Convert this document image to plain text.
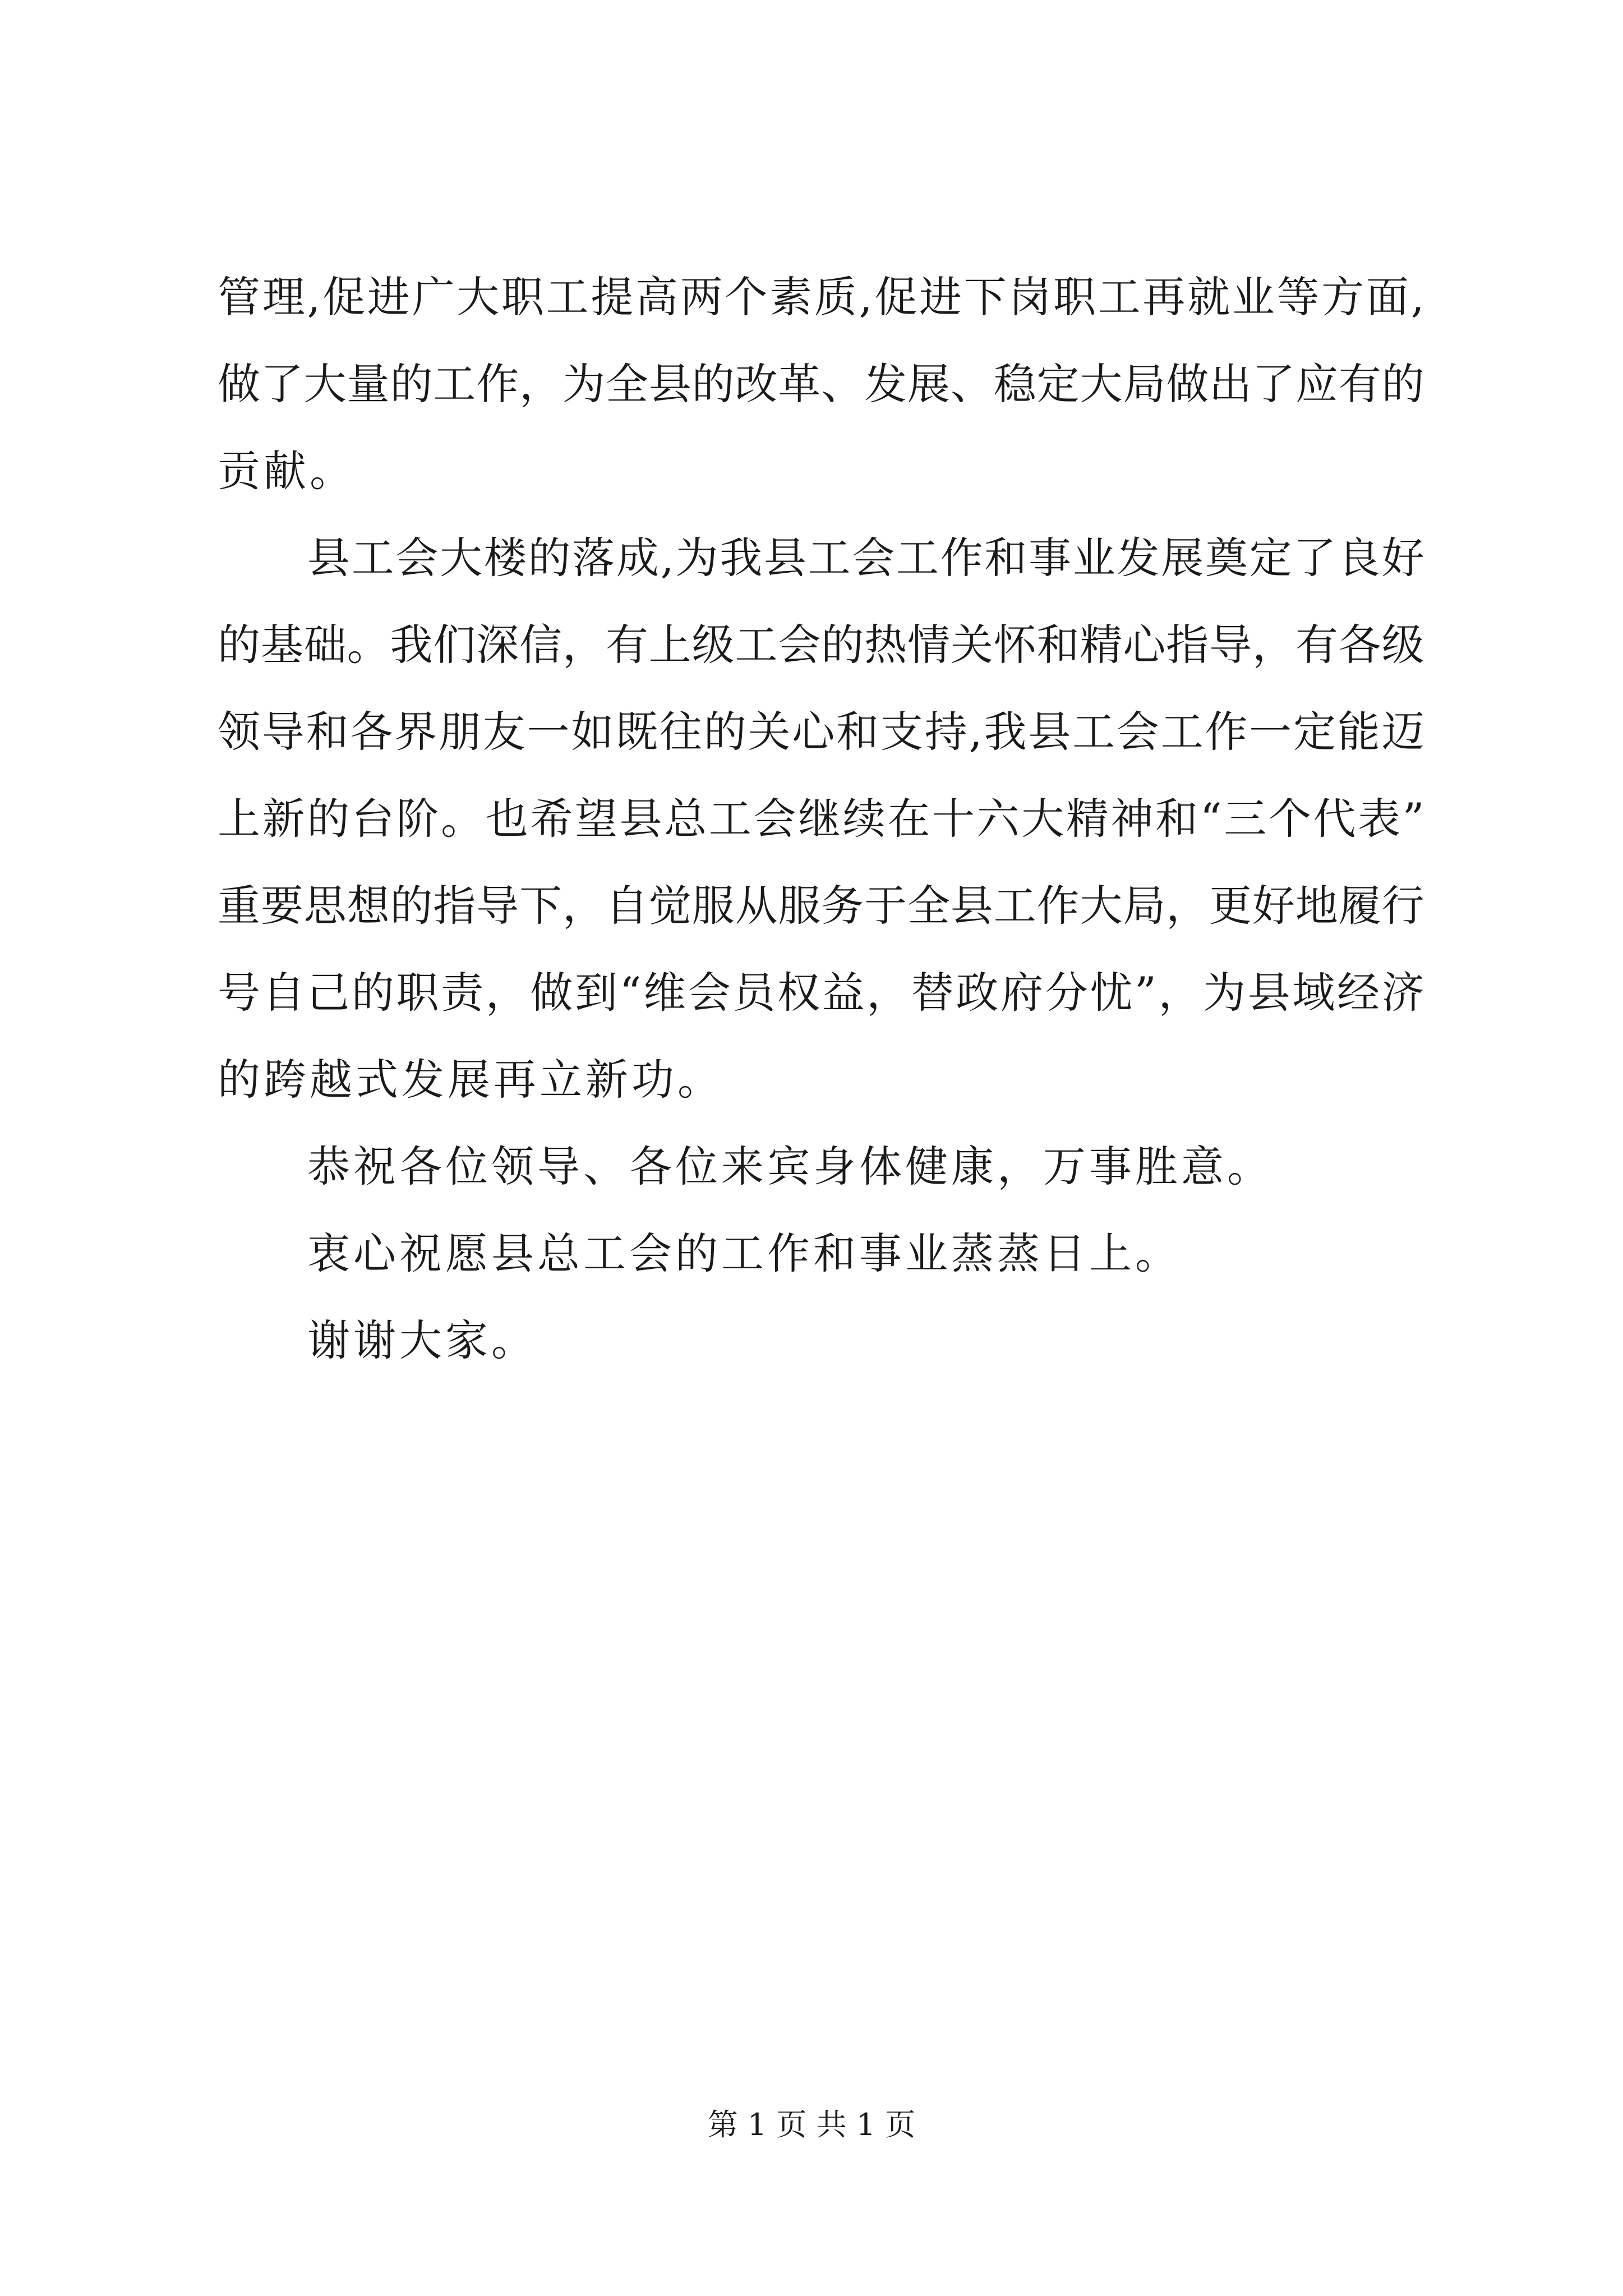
管 理 , 促 进 广 大 职 工 提 高 两 个 素 质 , 促 进 下 岗 职 工 再 就 业 等 方 面 ,
做 了 大 量 的 工 作 ， 为 全 县 的 改 革 、 发 展 、 稳 定 大 局 做 出 了 应 有 的
贡献。
县 工 会 大 楼 的 落 成 , 为 我 县 工 会 工 作 和 事 业 发 展 奠 定 了 良 好
的 基 础 。 我 们 深 信 ， 有 上 级 工 会 的 热 情 关 怀 和 精 心 指 导 ， 有 各 级
领 导 和 各 界 朋 友 一 如 既 往 的 关 心 和 支 持 , 我 县 工 会 工 作 一 定 能 迈
上 新 的 台 阶 。 也 希 望 县 总 工 会 继 续 在 十 六 大 精 神 和 “ 三 个 代 表 ”
重 要 思 想 的 指 导 下 ， 自 觉 服 从 服 务 于 全 县 工 作 大 局 ， 更 好 地 履 行
号 自 己 的 职 责 ， 做 到 “ 维 会 员 权 益 ， 替 政 府 分 忧 ” ， 为 县 域 经 济
的跨越式发展再立新功。
恭祝各位领导、各位来宾身体健康，万事胜意。
衷心祝愿县总工会的工作和事业蒸蒸日上。
谢谢大家。
第 1 页 共 1 页
